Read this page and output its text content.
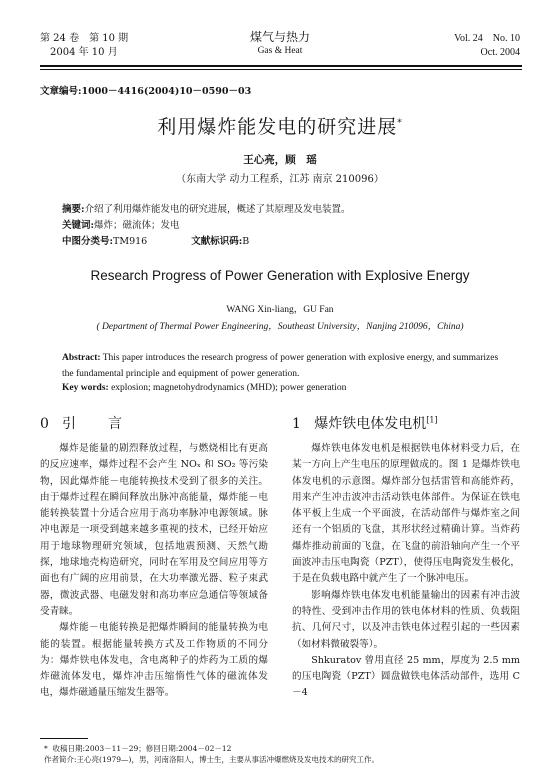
第 24 卷　第 10 期
2004 年 10 月
煤气与热力
Gas & Heat
Vol. 24　No. 10
Oct. 2004
文章编号:1000－4416(2004)10－0590－03
利用爆炸能发电的研究进展*
王心亮，顾　瑶
（东南大学 动力工程系，江苏 南京 210096）
摘要:介绍了利用爆炸能发电的研究进展，概述了其原理及发电装置。
关键词:爆炸；磁流体；发电
中图分类号:TM916	文献标识码:B
Research Progress of Power Generation with Explosive Energy
WANG Xin-liang，GU Fan
( Department of Thermal Power Engineering，Southeast University，Nanjing 210096，China)
Abstract: This paper introduces the research progress of power generation with explosive energy, and summarizes the fundamental principle and equipment of power generation.
Key words: explosion; magnetohydrodynamics (MHD); power generation
0 引 言	1 爆炸铁电体发电机[1]

爆炸是能量的剧烈释放过程，与燃烧相比有更高的反应速率，爆炸过程不会产生 NOₓ 和 SO₂ 等污染物，因此爆炸能－电能转换技术受到了很多的关注。由于爆炸过程在瞬间释放出脉冲高能量，爆炸能－电能转换装置十分适合应用于高功率脉冲电源领域。脉冲电源是一项受到越来越多重视的技术，已经开始应用于地球物理研究领域，包括地震预测、天然气勘探，地球地壳构造研究，同时在军用及空间应用等方面也有广阔的应用前景，在大功率激光器、粒子束武器，微波武器、电磁发射和高功率应急通信等领域备受青睐。

爆炸能－电能转换是把爆炸瞬间的能量转换为电能的装置。根据能量转换方式及工作物质的不同分为：爆炸铁电体发电，含电离种子的炸药为工质的爆炸磁流体发电，爆炸冲击压缩惰性气体的磁流体发电，爆炸磁通量压缩发生器等。

爆炸铁电体发电机是根据铁电体材料受力后，在某一方向上产生电压的原理做成的。图 1 是爆炸铁电体发电机的示意图。爆炸部分包括雷管和高能炸药，用来产生冲击波冲击活动铁电体部件。为保证在铁电体平板上生成一个平面波，在活动部件与爆炸室之间还有一个铝质的飞盘，其形状经过精确计算。当炸药爆炸推动前面的飞盘，在飞盘的前沿轴向产生一个平面波冲击压电陶瓷（PZT），使得压电陶瓷发生极化，于是在负载电路中就产生了一个脉冲电压。

影响爆炸铁电体发电机能量输出的因素有冲击波的特性、受到冲击作用的铁电体材料的性质、负载阻抗、几何尺寸，以及冲击铁电体过程引起的一些因素（如材料微破裂等）。

Shkuratov 曾用直径 25 mm，厚度为 2.5 mm 的压电陶瓷（PZT）圆盘做铁电体活动部件，选用 C－4

* 收稿日期:2003－11－29；修回日期:2004－02－12
作者简介:王心亮(1979—)，男，河南洛阳人，博士生，主要从事活冲爆燃烧及发电技术的研究工作。
